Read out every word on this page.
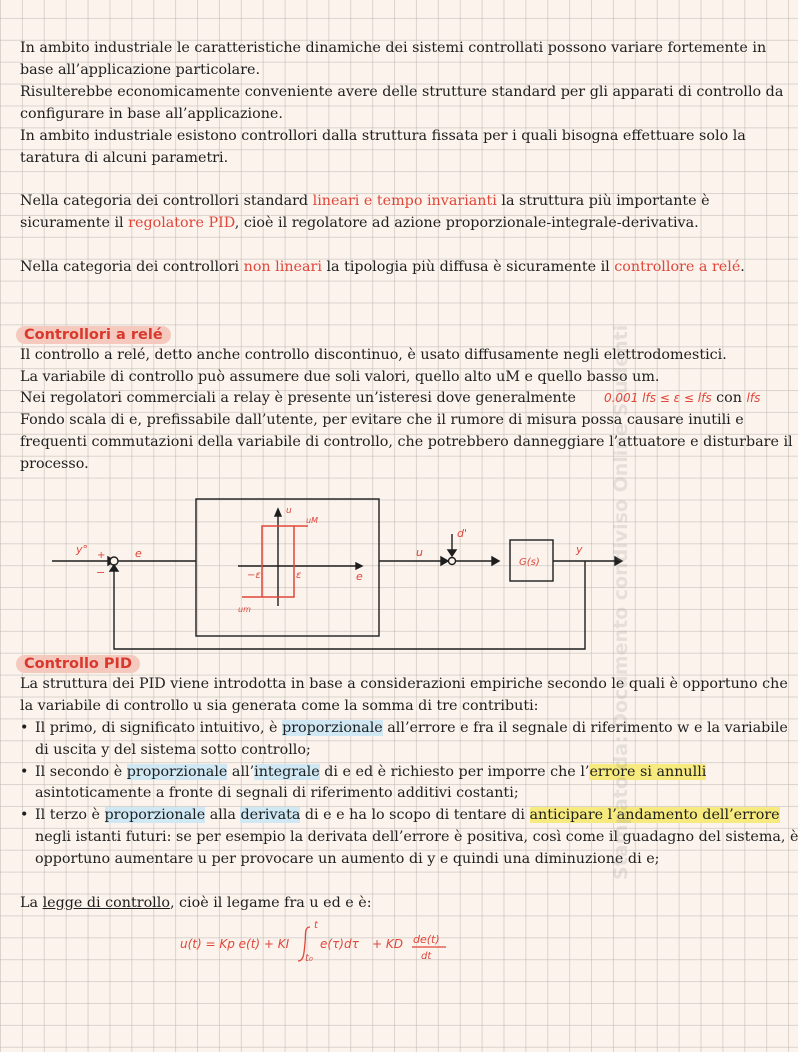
In ambito industriale le caratteristiche dinamiche dei sistemi controllati possono variare fortemente in
base all’applicazione particolare.
Risulterebbe economicamente conveniente avere delle strutture standard per gli apparati di controllo da
configurare in base all’applicazione.
In ambito industriale esistono controllori dalla struttura fissata per i quali bisogna effettuare solo la
taratura di alcuni parametri.
Nella categoria dei controllori standard lineari e tempo invarianti la struttura più importante è
sicuramente il regolatore PID, cioè il regolatore ad azione proporzionale-integrale-derivativa.
Nella categoria dei controllori non lineari la tipologia più diffusa è sicuramente il controllore a relé.
Controllori a relé
Il controllo a relé, detto anche controllo discontinuo, è usato diffusamente negli elettrodomestici.
La variabile di controllo può assumere due soli valori, quello alto uM e quello basso um.
Nei regolatori commerciali a relay è presente un’isteresi dove generalmente 0.001 lfs ≤ ε ≤ lfs con lfs
Fondo scala di e, prefissabile dall’utente, per evitare che il rumore di misura possa causare inutili e
frequenti commutazioni della variabile di controllo, che potrebbero danneggiare l’attuatore e disturbare il
processo.
y° +
−
e
u
uM
um
−ε	ε	e
u
d'
G(s)
y
Controllo PID
La struttura dei PID viene introdotta in base a considerazioni empiriche secondo le quali è opportuno che
la variabile di controllo u sia generata come la somma di tre contributi:
• Il primo, di significato intuitivo, è proporzionale all’errore e fra il segnale di riferimento w e la variabile
di uscita y del sistema sotto controllo;
• Il secondo è proporzionale all’integrale di e ed è richiesto per imporre che l’errore si annulli
asintoticamente a fronte di segnali di riferimento additivi costanti;
• Il terzo è proporzionale alla derivata di e e ha lo scopo di tentare di anticipare l’andamento dell’errore
negli istanti futuri: se per esempio la derivata dell’errore è positiva, così come il guadagno del sistema, è
opportuno aumentare u per provocare un aumento di y e quindi una diminuzione di e;
La legge di controllo, cioè il legame fra u ed e è:
u(t) = Kp e(t) + KI
t
t₀
e(τ)dτ + KD de(t)
dt
Stampato da: Documento condiviso Online Studenti
